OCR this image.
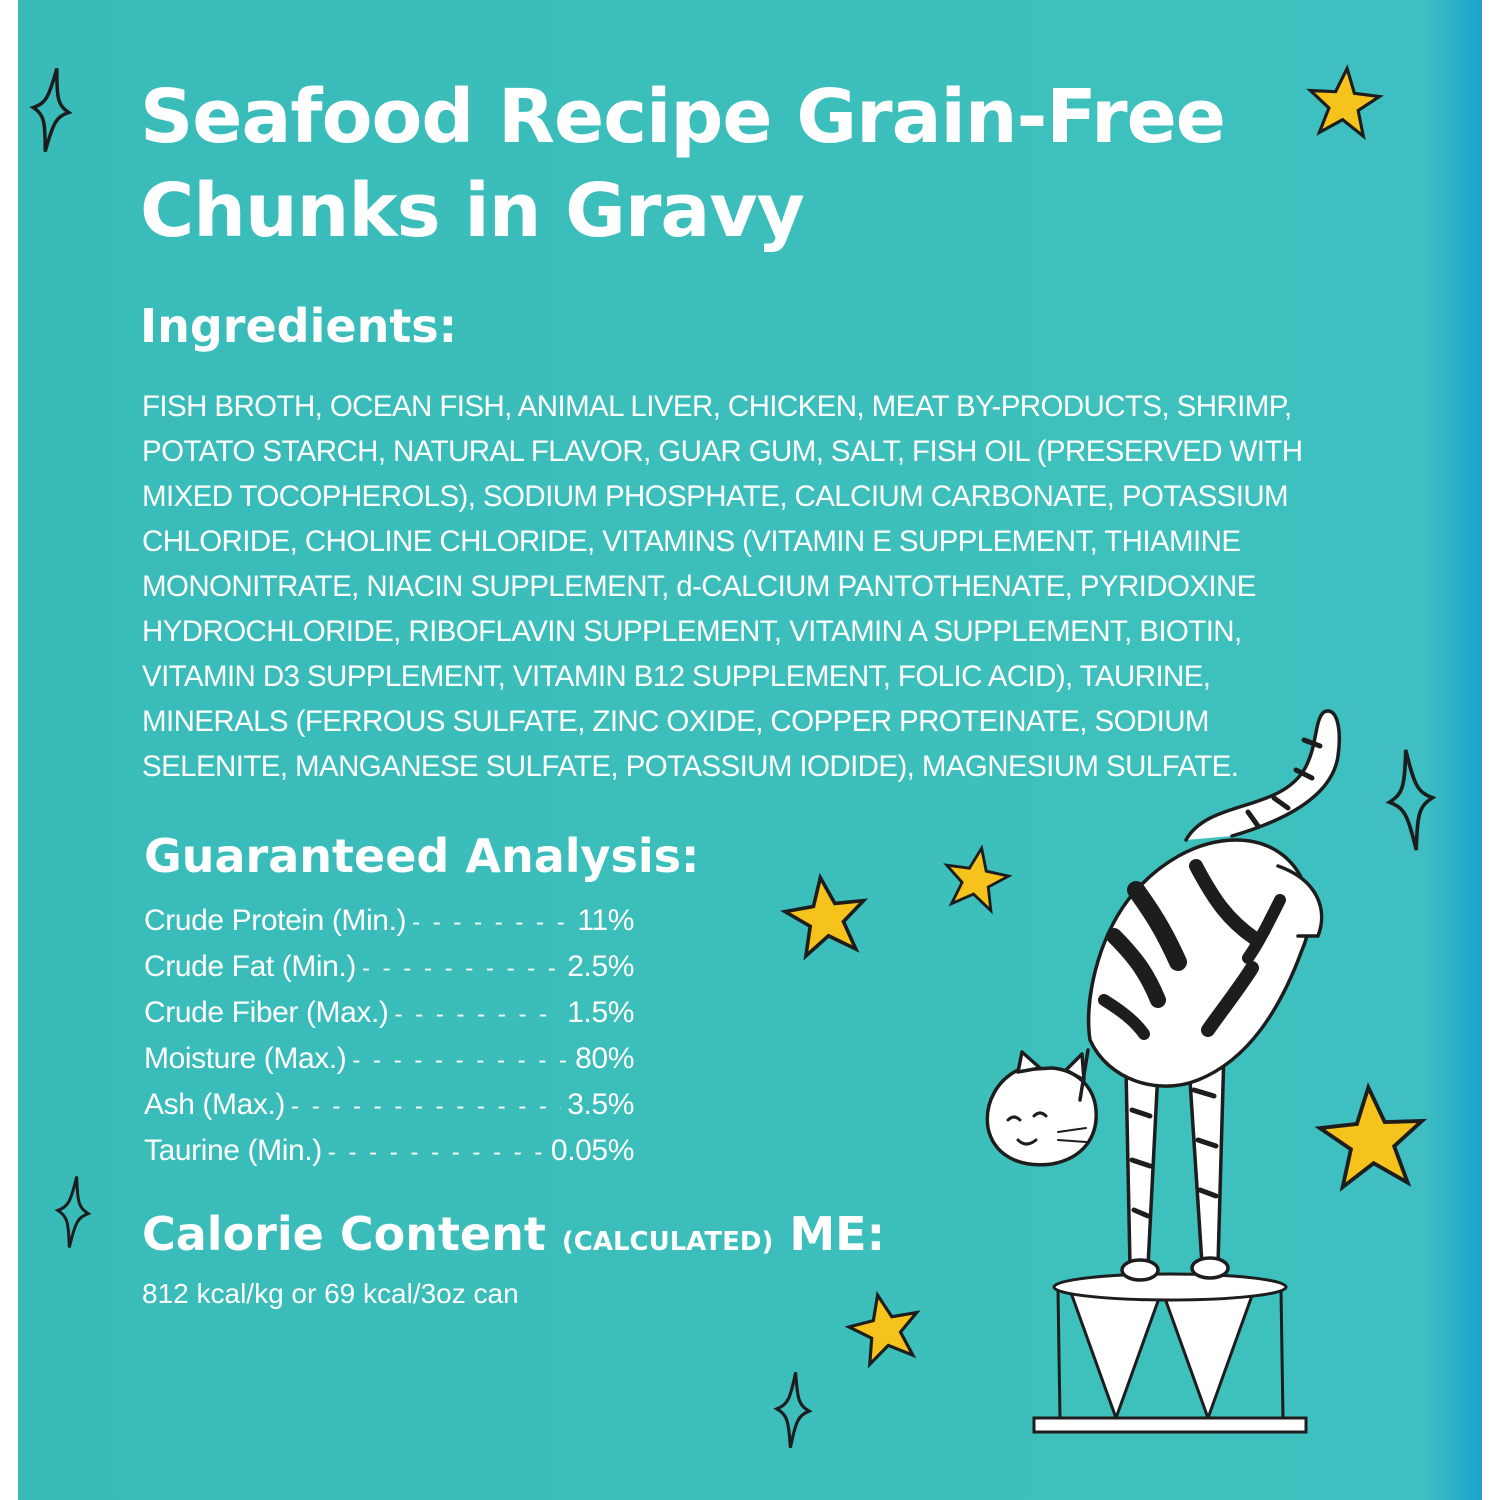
Seafood Recipe Grain-Free
Chunks in Gravy
Ingredients:
FISH BROTH, OCEAN FISH, ANIMAL LIVER, CHICKEN, MEAT BY-PRODUCTS, SHRIMP, POTATO STARCH, NATURAL FLAVOR, GUAR GUM, SALT, FISH OIL (PRESERVED WITH MIXED TOCOPHEROLS), SODIUM PHOSPHATE, CALCIUM CARBONATE, POTASSIUM CHLORIDE, CHOLINE CHLORIDE, VITAMINS (VITAMIN E SUPPLEMENT, THIAMINE MONONITRATE, NIACIN SUPPLEMENT, d-CALCIUM PANTOTHENATE, PYRIDOXINE HYDROCHLORIDE, RIBOFLAVIN SUPPLEMENT, VITAMIN A SUPPLEMENT, BIOTIN, VITAMIN D3 SUPPLEMENT, VITAMIN B12 SUPPLEMENT, FOLIC ACID), TAURINE, MINERALS (FERROUS SULFATE, ZINC OXIDE, COPPER PROTEINATE, SODIUM SELENITE, MANGANESE SULFATE, POTASSIUM IODIDE), MAGNESIUM SULFATE.
Guaranteed Analysis:
Crude Protein (Min.) - - -	11%
Crude Fat (Min.) - - -	2.5%
Crude Fiber (Max.) - - -	1.5%
Moisture (Max.) - - -	80%
Ash (Max.) - - -	3.5%
Taurine (Min.) - - -	0.05%
Calorie Content (CALCULATED) ME:
812 kcal/kg or 69 kcal/3oz can
